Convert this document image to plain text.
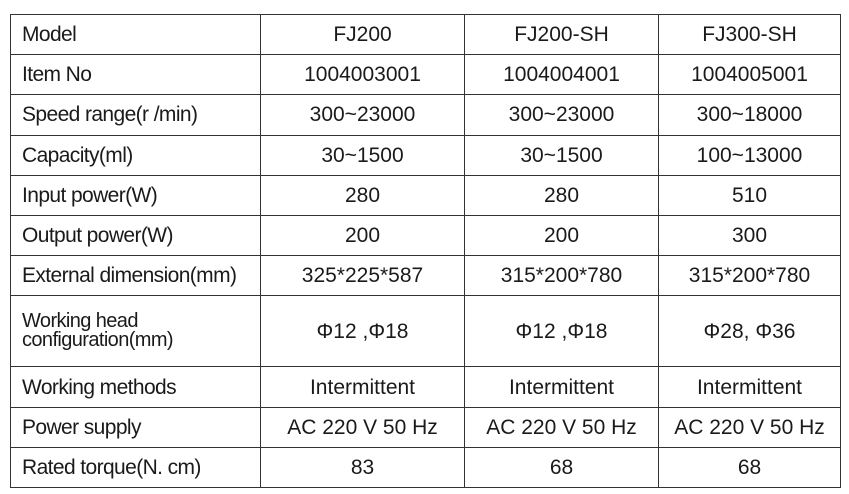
Model	FJ200	FJ200-SH	FJ300-SH
Item No	1004003001	1004004001	1004005001
Speed range(r /min)	300~23000	300~23000	300~18000
Capacity(ml)	30~1500	30~1500	100~13000
Input power(W)	280	280	510
Output power(W)	200	200	300
External dimension(mm)	325*225*587	315*200*780	315*200*780

Working head
configuration(mm)	Φ12 ,Φ18	Φ12 ,Φ18	Φ28, Φ36
Working methods	Intermittent	Intermittent	Intermittent
Power supply	AC 220 V 50 Hz	AC 220 V 50 Hz	AC 220 V 50 Hz
Rated torque(N. cm)	83	68	68
